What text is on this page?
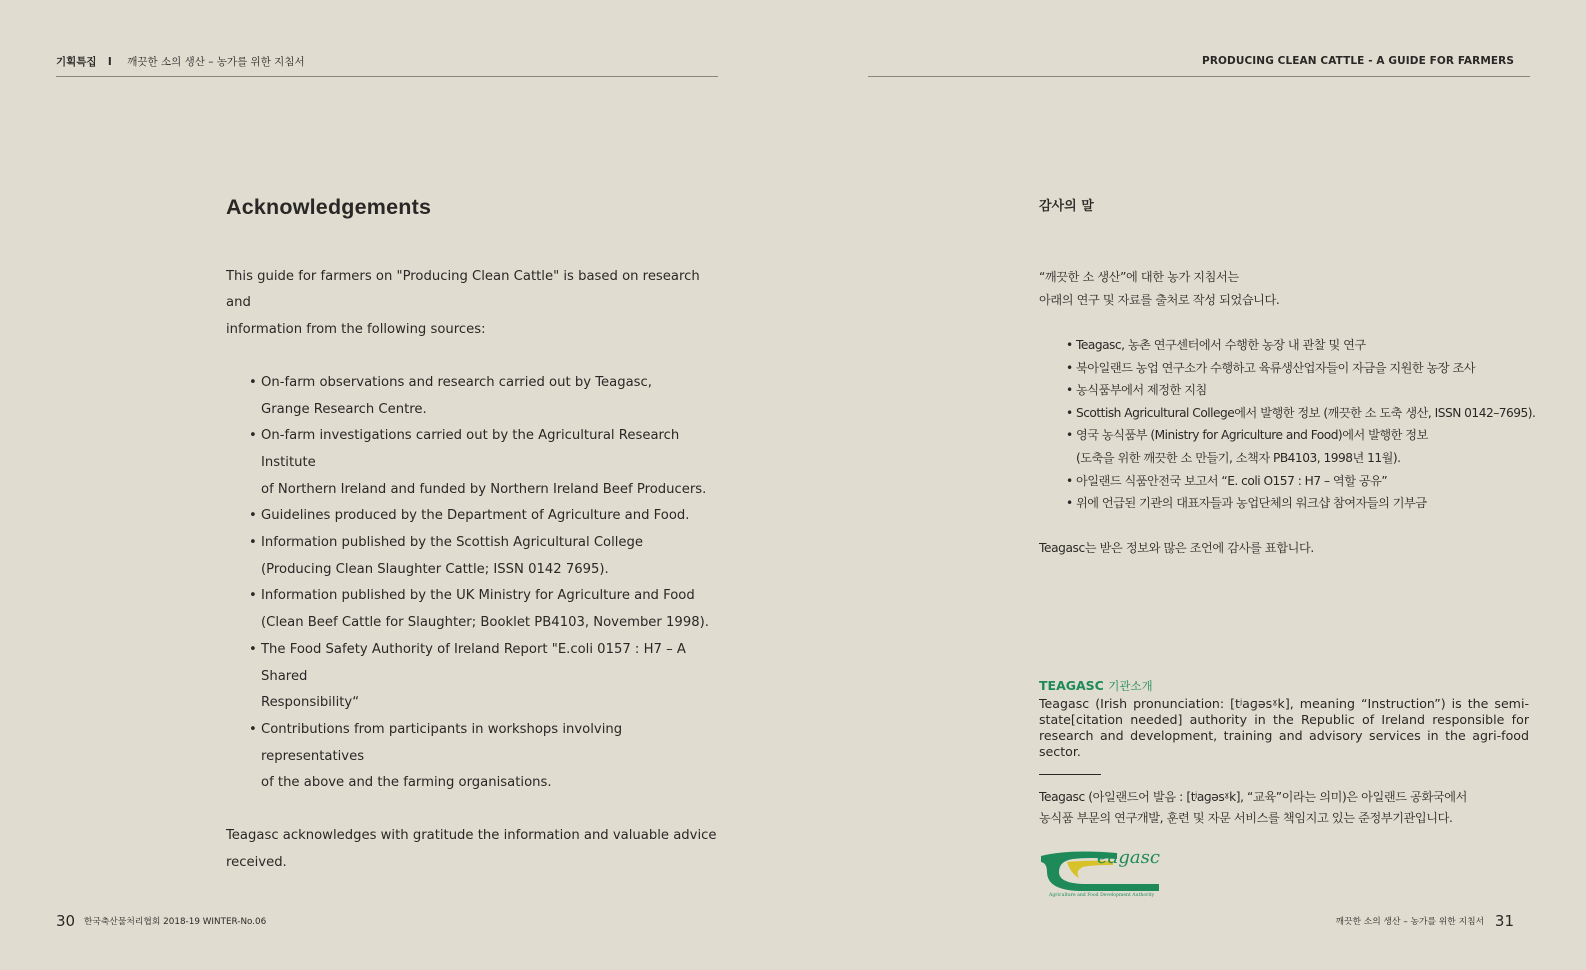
기획특집 I 깨끗한 소의 생산 – 농가를 위한 지침서	PRODUCING CLEAN CATTLE - A GUIDE FOR FARMERS
Acknowledgements

This guide for farmers on "Producing Clean Cattle" is based on research and
information from the following sources:

• On-farm observations and research carried out by Teagasc,
Grange Research Centre.
• On-farm investigations carried out by the Agricultural Research Institute
of Northern Ireland and funded by Northern Ireland Beef Producers.
• Guidelines produced by the Department of Agriculture and Food.
• Information published by the Scottish Agricultural College
(Producing Clean Slaughter Cattle; ISSN 0142 7695).
• Information published by the UK Ministry for Agriculture and Food
(Clean Beef Cattle for Slaughter; Booklet PB4103, November 1998).
• The Food Safety Authority of Ireland Report "E.coli 0157 : H7 – A Shared
Responsibility“
• Contributions from participants in workshops involving representatives
of the above and the farming organisations.

Teagasc acknowledges with gratitude the information and valuable advice
received.

감사의 말

“깨끗한 소 생산”에 대한 농가 지침서는
아래의 연구 및 자료를 출처로 작성 되었습니다.

• Teagasc, 농촌 연구센터에서 수행한 농장 내 관찰 및 연구
• 북아일랜드 농업 연구소가 수행하고 육류생산업자들이 자금을 지원한 농장 조사
• 농식품부에서 제정한 지침
• Scottish Agricultural College에서 발행한 정보 (깨끗한 소 도축 생산, ISSN 0142–7695).
• 영국 농식품부 (Ministry for Agriculture and Food)에서 발행한 정보
(도축을 위한 깨끗한 소 만들기, 소책자 PB4103, 1998년 11월).
• 아일랜드 식품안전국 보고서 “E. coli O157 : H7 – 역할 공유”
• 위에 언급된 기관의 대표자들과 농업단체의 워크샵 참여자들의 기부금

Teagasc는 받은 정보와 많은 조언에 감사를 표합니다.

TEAGASC 기관소개

Teagasc (Irish pronunciation: [tʲaɡəsˠk], meaning “Instruction”) is the semi-state[citation needed] authority in the Republic of Ireland responsible for research and development, training and advisory services in the agri-food sector.

Teagasc (아일랜드어 발음 : [tʲaɡəsˠk], “교육”이라는 의미)은 아일랜드 공화국에서
농식품 부문의 연구개발, 훈련 및 자문 서비스를 책임지고 있는 준정부기관입니다.

eagasc
Agriculture and Food Development Authority
30 한국축산물처리협회 2018-19 WINTER-No.06	깨끗한 소의 생산 – 농가를 위한 지침서 31
